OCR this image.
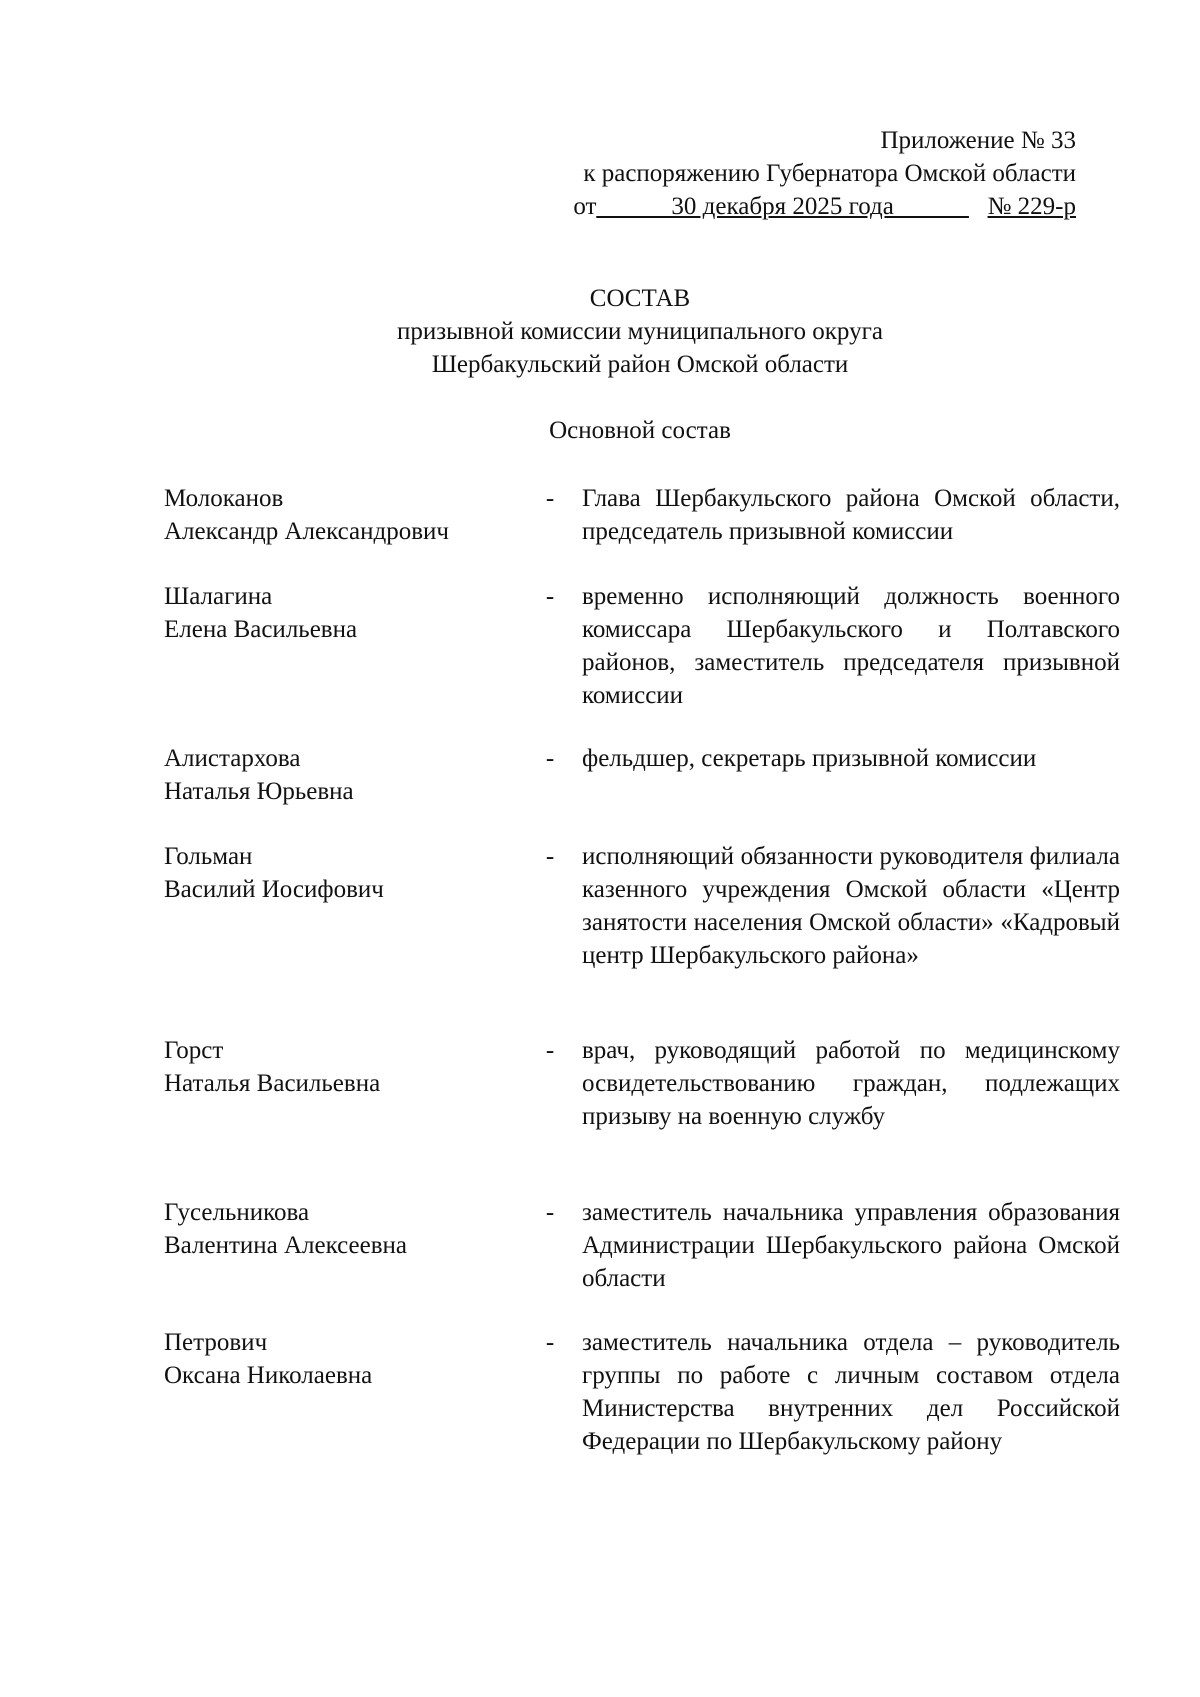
Приложение № 33
к распоряжению Губернатора Омской области
от______30 декабря 2025 года______ № 229-р
СОСТАВ
призывной комиссии муниципального округа
Шербакульский район Омской области
Основной состав
Молоканов
Александр Александрович
- Глава Шербакульского района Омской области, председатель призывной комиссии
Шалагина
Елена Васильевна
- временно исполняющий должность военного комиссара Шербакульского и Полтавского районов, заместитель председателя призывной комиссии
Алистархова
Наталья Юрьевна
- фельдшер, секретарь призывной комиссии
Гольман
Василий Иосифович
- исполняющий обязанности руководителя филиала казенного учреждения Омской области «Центр занятости населения Омской области» «Кадровый центр Шербакульского района»
Горст
Наталья Васильевна
- врач, руководящий работой по медицинскому освидетельствованию граждан, подлежащих призыву на военную службу
Гусельникова
Валентина Алексеевна
- заместитель начальника управления образования Администрации Шербакульского района Омской области
Петрович
Оксана Николаевна
- заместитель начальника отдела – руководитель группы по работе с личным составом отдела Министерства внутренних дел Российской Федерации по Шербакульскому району
